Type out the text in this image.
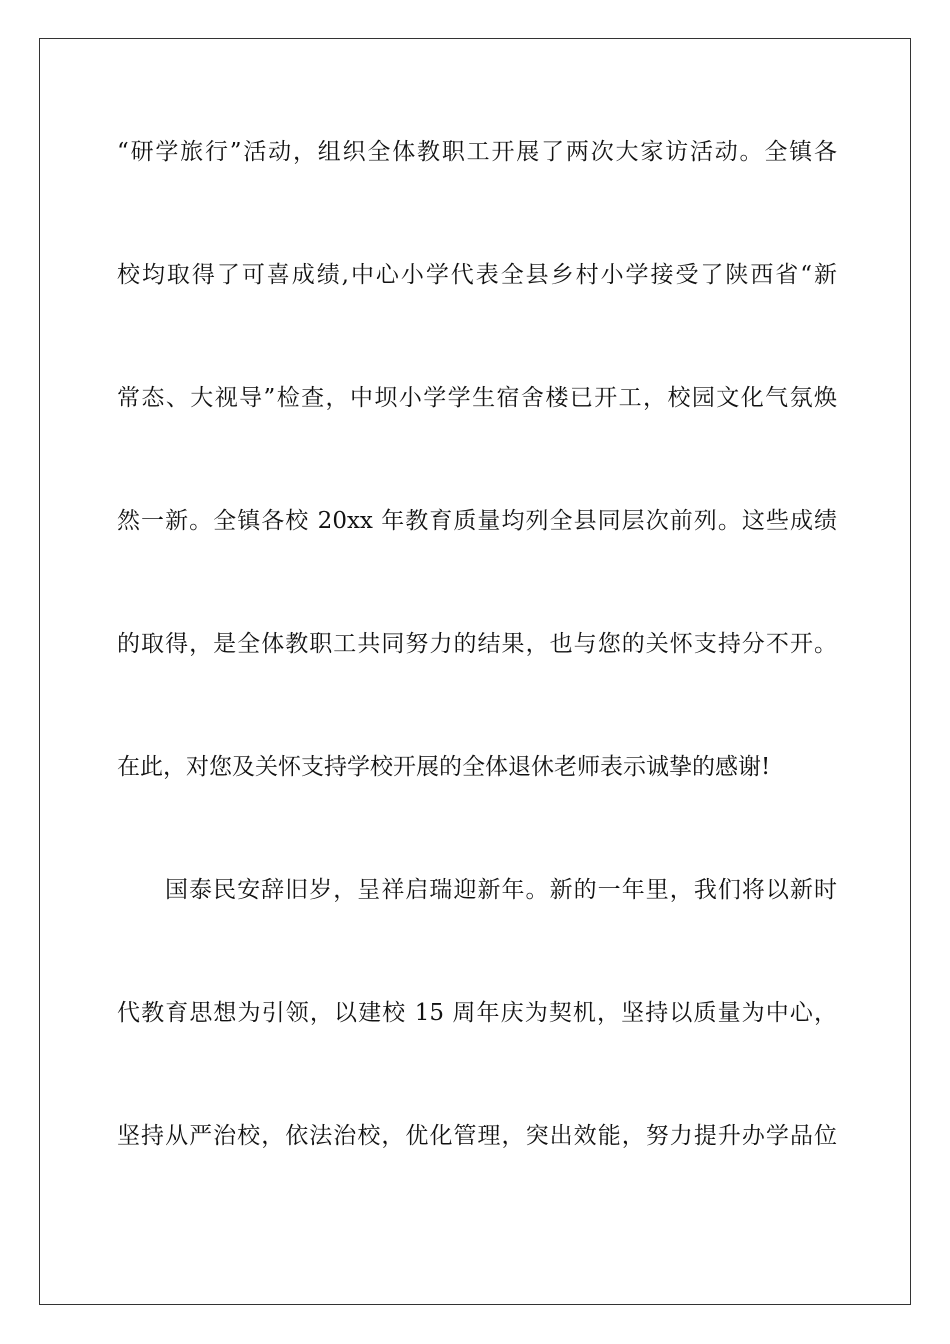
“研学旅行”活动，组织全体教职工开展了两次大家访活动。全镇各
校均取得了可喜成绩,中心小学代表全县乡村小学接受了陕西省“新
常态、大视导”检查，中坝小学学生宿舍楼已开工，校园文化气氛焕
然一新。全镇各校 20xx 年教育质量均列全县同层次前列。这些成绩
的取得，是全体教职工共同努力的结果，也与您的关怀支持分不开。
在此，对您及关怀支持学校开展的全体退休老师表示诚挚的感谢!
国泰民安辞旧岁，呈祥启瑞迎新年。新的一年里，我们将以新时
代教育思想为引领，以建校 15 周年庆为契机，坚持以质量为中心，
坚持从严治校，依法治校，优化管理，突出效能，努力提升办学品位
